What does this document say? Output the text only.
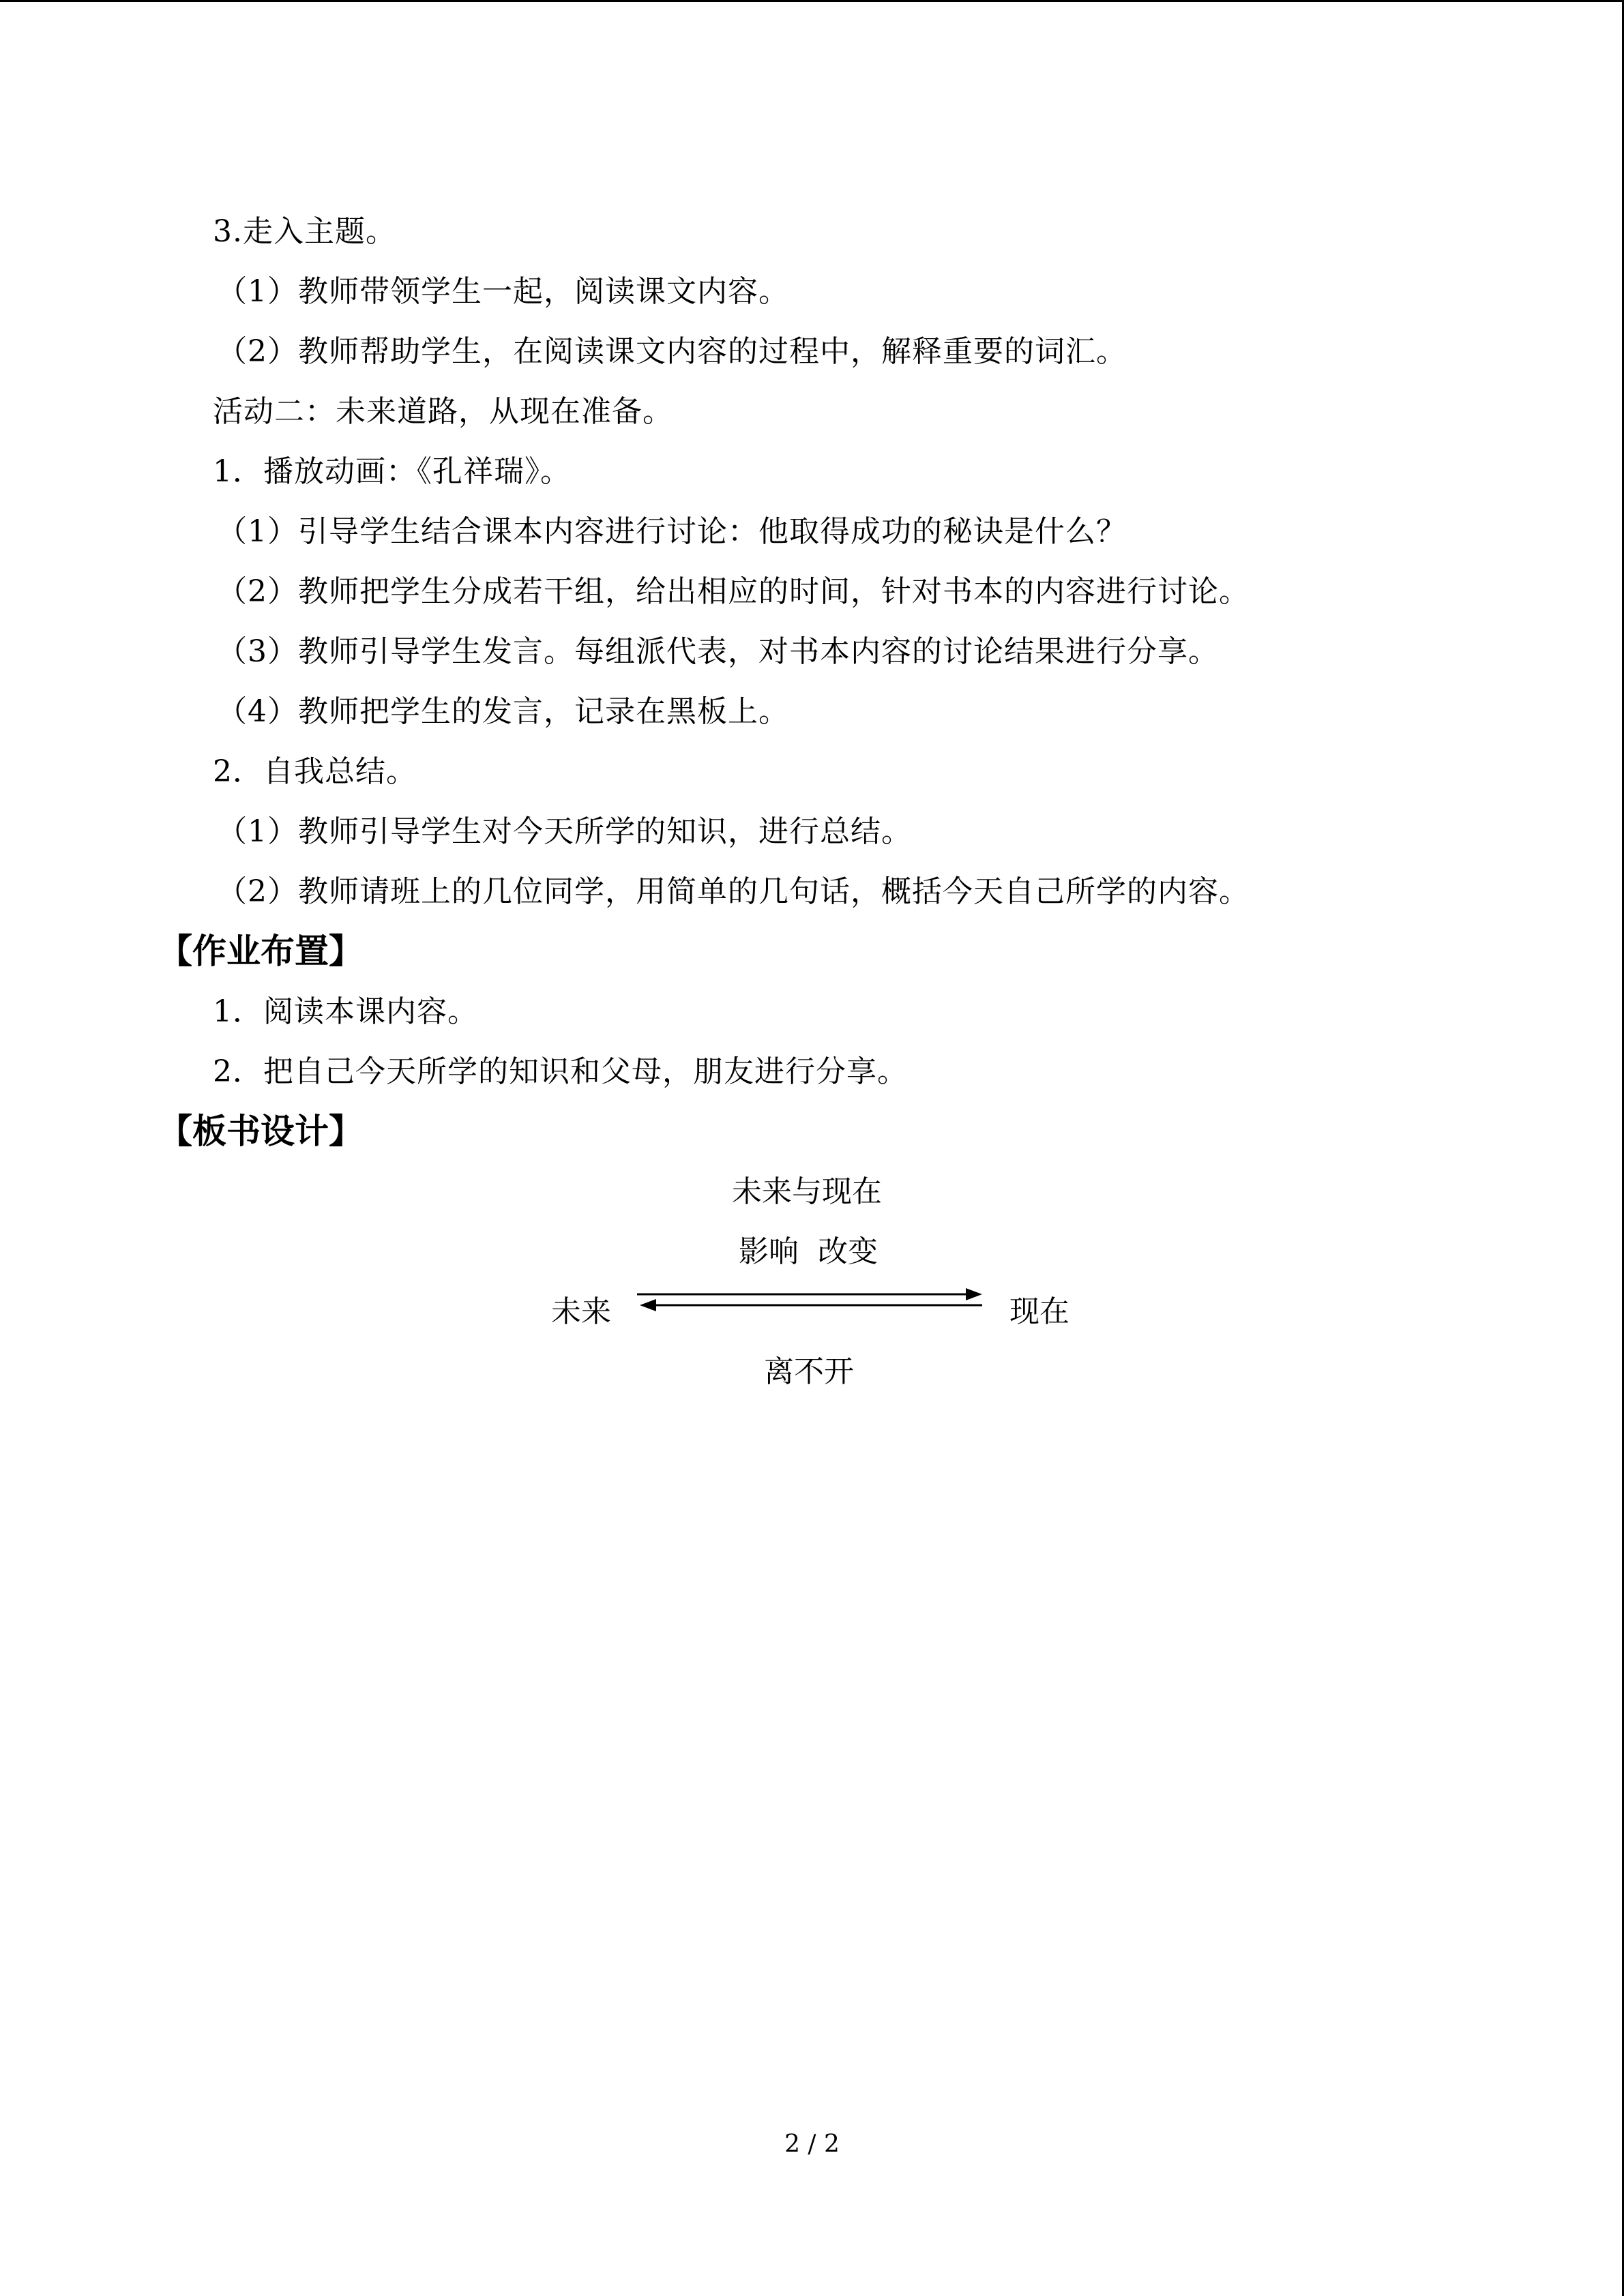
3.走入主题。
（1）教师带领学生一起，阅读课文内容。
（2）教师帮助学生，在阅读课文内容的过程中，解释重要的词汇。
活动二：未来道路，从现在准备。
1．播放动画：《孔祥瑞》。
（1）引导学生结合课本内容进行讨论：他取得成功的秘诀是什么？
（2）教师把学生分成若干组，给出相应的时间，针对书本的内容进行讨论。
（3）教师引导学生发言。每组派代表，对书本内容的讨论结果进行分享。
（4）教师把学生的发言，记录在黑板上。
2．自我总结。
（1）教师引导学生对今天所学的知识，进行总结。
（2）教师请班上的几位同学，用简单的几句话，概括今天自己所学的内容。
【作业布置】
1．阅读本课内容。
2．把自己今天所学的知识和父母，朋友进行分享。
【板书设计】
未来与现在
影响  改变
未来	现在
离不开
2 / 2
